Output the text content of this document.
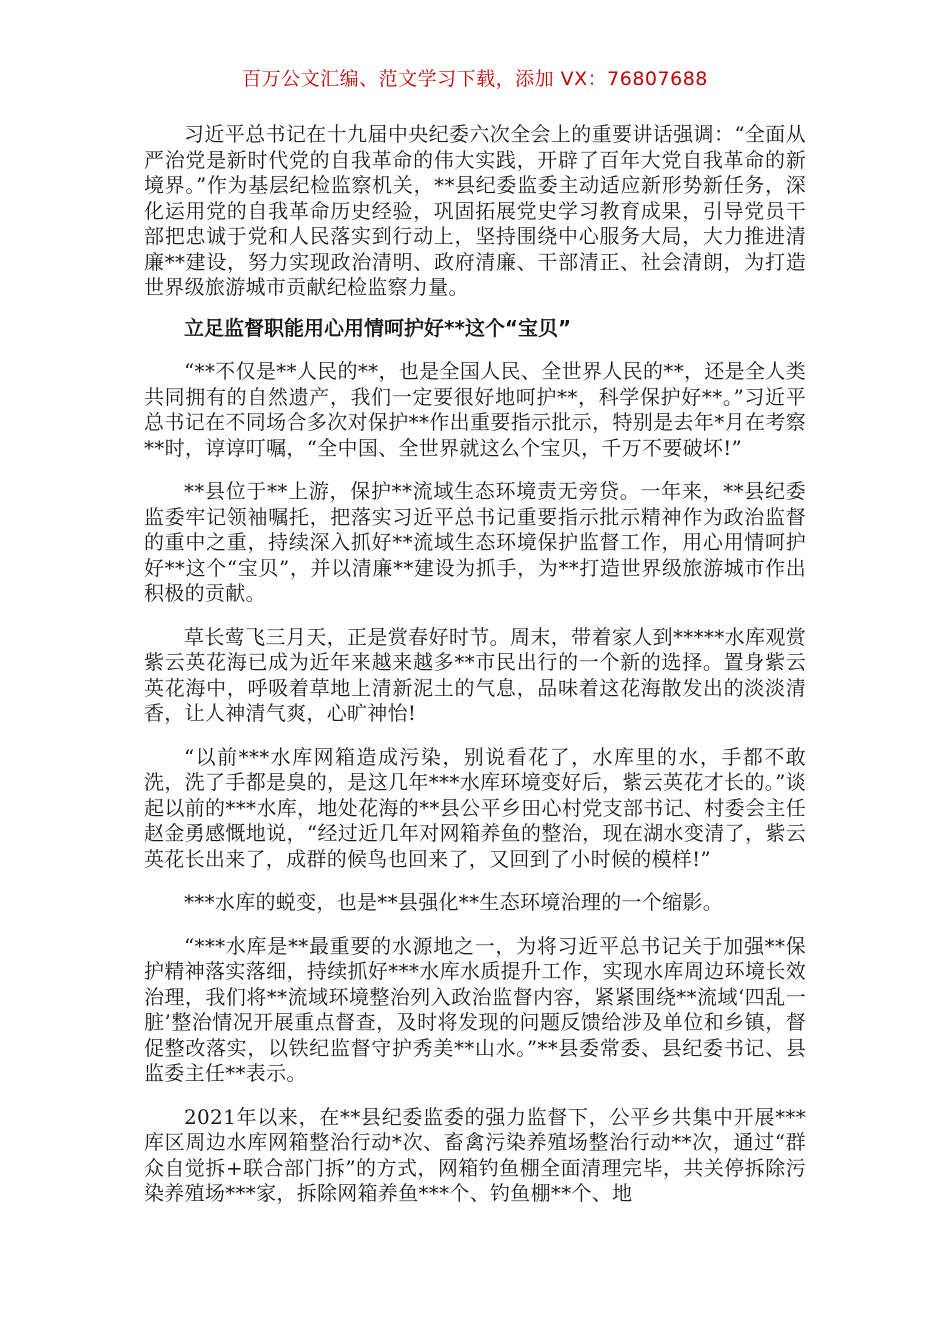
百万公文汇编、范文学习下载，添加 VX：76807688

习近平总书记在十九届中央纪委六次全会上的重要讲话强调：“全面从严治党是新时代党的自我革命的伟大实践，开辟了百年大党自我革命的新境界。”作为基层纪检监察机关，**县纪委监委主动适应新形势新任务，深化运用党的自我革命历史经验，巩固拓展党史学习教育成果，引导党员干部把忠诚于党和人民落实到行动上，坚持围绕中心服务大局，大力推进清廉**建设，努力实现政治清明、政府清廉、干部清正、社会清朗，为打造世界级旅游城市贡献纪检监察力量。

立足监督职能用心用情呵护好**这个“宝贝”

“**不仅是**人民的**，也是全国人民、全世界人民的**，还是全人类共同拥有的自然遗产，我们一定要很好地呵护**，科学保护好**。”习近平总书记在不同场合多次对保护**作出重要指示批示，特别是去年*月在考察**时，谆谆叮嘱，“全中国、全世界就这么个宝贝，千万不要破坏!”

**县位于**上游，保护**流域生态环境责无旁贷。一年来，**县纪委监委牢记领袖嘱托，把落实习近平总书记重要指示批示精神作为政治监督的重中之重，持续深入抓好**流域生态环境保护监督工作，用心用情呵护好**这个“宝贝”，并以清廉**建设为抓手，为**打造世界级旅游城市作出积极的贡献。

草长莺飞三月天，正是赏春好时节。周末，带着家人到*****水库观赏紫云英花海已成为近年来越来越多**市民出行的一个新的选择。置身紫云英花海中，呼吸着草地上清新泥土的气息，品味着这花海散发出的淡淡清香，让人神清气爽，心旷神怡!

“以前***水库网箱造成污染，别说看花了，水库里的水，手都不敢洗，洗了手都是臭的，是这几年***水库环境变好后，紫云英花才长的。”谈起以前的***水库，地处花海的**县公平乡田心村党支部书记、村委会主任赵金勇感慨地说，“经过近几年对网箱养鱼的整治，现在湖水变清了，紫云英花长出来了，成群的候鸟也回来了，又回到了小时候的模样!”

***水库的蜕变，也是**县强化**生态环境治理的一个缩影。

“***水库是**最重要的水源地之一，为将习近平总书记关于加强**保护精神落实落细，持续抓好***水库水质提升工作，实现水库周边环境长效治理，我们将**流域环境整治列入政治监督内容，紧紧围绕**流域‘四乱一脏’整治情况开展重点督查，及时将发现的问题反馈给涉及单位和乡镇，督促整改落实，以铁纪监督守护秀美**山水。”**县委常委、县纪委书记、县监委主任**表示。

2021年以来，在**县纪委监委的强力监督下，公平乡共集中开展***库区周边水库网箱整治行动*次、畜禽污染养殖场整治行动**次，通过“群众自觉拆+联合部门拆”的方式，网箱钓鱼棚全面清理完毕，共关停拆除污染养殖场***家，拆除网箱养鱼***个、钓鱼棚**个、地
